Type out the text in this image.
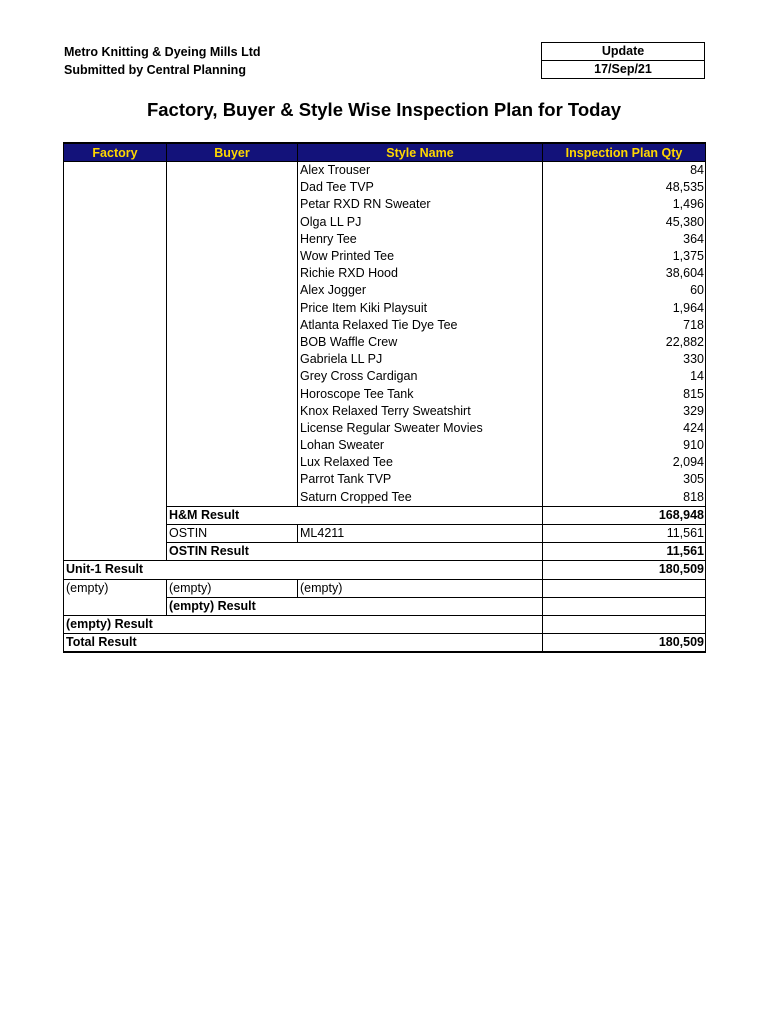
Metro Knitting & Dyeing Mills Ltd
Submitted by Central Planning
Update
17/Sep/21
Factory, Buyer & Style Wise Inspection Plan for Today
Factory	Buyer	Style Name	Inspection Plan Qty
		Alex Trouser	84
		Dad Tee TVP	48,535
		Petar RXD RN Sweater	1,496
		Olga LL PJ	45,380
		Henry Tee	364
		Wow Printed Tee	1,375
		Richie RXD Hood	38,604
		Alex Jogger	60
		Price Item Kiki Playsuit	1,964
		Atlanta Relaxed Tie Dye Tee	718
		BOB Waffle Crew	22,882
		Gabriela LL PJ	330
		Grey Cross Cardigan	14
		Horoscope Tee Tank	815
		Knox Relaxed Terry Sweatshirt	329
		License Regular Sweater Movies	424
		Lohan Sweater	910
		Lux Relaxed Tee	2,094
		Parrot Tank TVP	305
		Saturn Cropped Tee	818
	H&M Result		168,948
	OSTIN	ML4211	11,561
	OSTIN Result		11,561
Unit-1 Result			180,509
(empty)	(empty)	(empty)	
	(empty) Result		
(empty) Result			
Total Result			180,509
